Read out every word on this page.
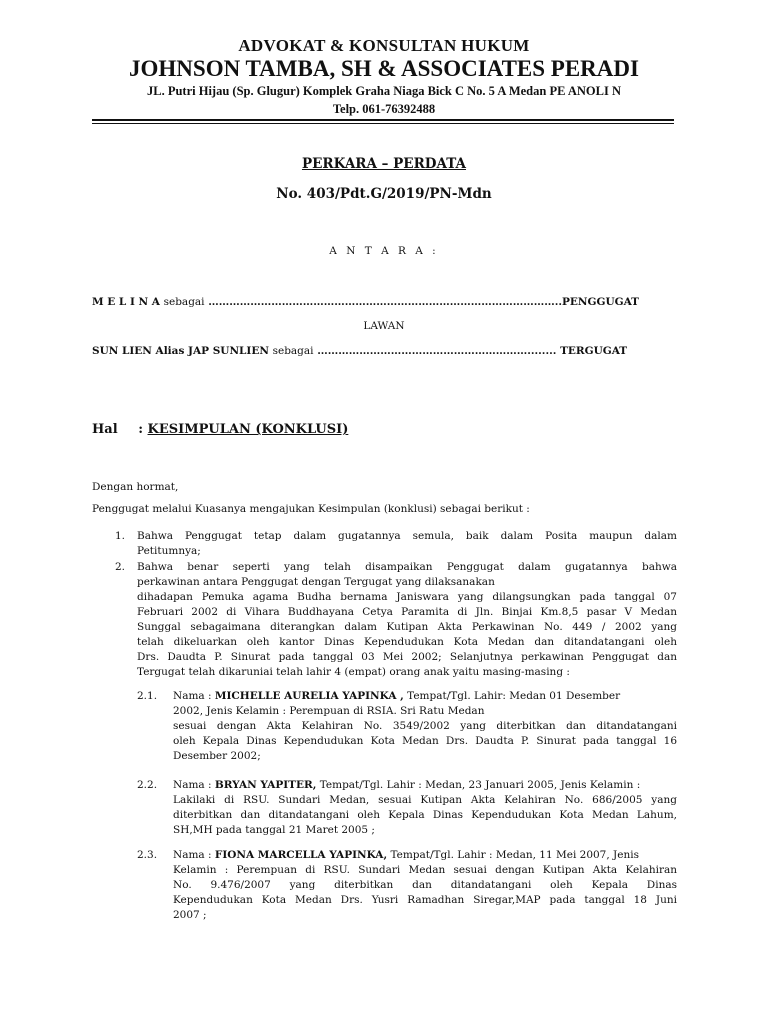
ADVOKAT & KONSULTAN HUKUM
JOHNSON TAMBA, SH & ASSOCIATES PERADI
JL. Putri Hijau (Sp. Glugur) Komplek Graha Niaga Bick C No. 5 A Medan PE ANOLI N
Telp. 061-76392488
PERKARA – PERDATA
No. 403/Pdt.G/2019/PN-Mdn
A N T A R A :
M E L I N A sebagai ………………………………………………………………………………………..PENGGUGAT
LAWAN
SUN LIEN Alias JAP SUNLIEN sebagai ……………………………………………………........ TERGUGAT
Hal : KESIMPULAN (KONKLUSI)
Dengan hormat,
Penggugat melalui Kuasanya mengajukan Kesimpulan (konklusi) sebagai berikut :
1. Bahwa Penggugat tetap dalam gugatannya semula, baik dalam Posita maupun dalam
Petitumnya;
2. Bahwa benar seperti yang telah disampaikan Penggugat dalam gugatannya bahwa
perkawinan antara Penggugat dengan Tergugat yang dilaksanakan
dihadapan Pemuka agama Budha bernama Janiswara yang dilangsungkan pada tanggal 07
Februari 2002 di Vihara Buddhayana Cetya Paramita di Jln. Binjai Km.8,5 pasar V Medan
Sunggal sebagaimana diterangkan dalam Kutipan Akta Perkawinan No. 449 / 2002 yang
telah dikeluarkan oleh kantor Dinas Kependudukan Kota Medan dan ditandatangani oleh
Drs. Daudta P. Sinurat pada tanggal 03 Mei 2002; Selanjutnya perkawinan Penggugat dan
Tergugat telah dikaruniai telah lahir 4 (empat) orang anak yaitu masing-masing :
2.1. Nama : MICHELLE AURELIA YAPINKA , Tempat/Tgl. Lahir: Medan 01 Desember
2002, Jenis Kelamin : Perempuan di RSIA. Sri Ratu Medan
sesuai dengan Akta Kelahiran No. 3549/2002 yang diterbitkan dan ditandatangani
oleh Kepala Dinas Kependudukan Kota Medan Drs. Daudta P. Sinurat pada tanggal 16
Desember 2002;
2.2. Nama : BRYAN YAPITER, Tempat/Tgl. Lahir : Medan, 23 Januari 2005, Jenis Kelamin :
Lakilaki di RSU. Sundari Medan, sesuai Kutipan Akta Kelahiran No. 686/2005 yang
diterbitkan dan ditandatangani oleh Kepala Dinas Kependudukan Kota Medan Lahum,
SH,MH pada tanggal 21 Maret 2005 ;
2.3. Nama : FIONA MARCELLA YAPINKA, Tempat/Tgl. Lahir : Medan, 11 Mei 2007, Jenis
Kelamin : Perempuan di RSU. Sundari Medan sesuai dengan Kutipan Akta Kelahiran
No. 9.476/2007 yang diterbitkan dan ditandatangani oleh Kepala Dinas
Kependudukan Kota Medan Drs. Yusri Ramadhan Siregar,MAP pada tanggal 18 Juni
2007 ;
